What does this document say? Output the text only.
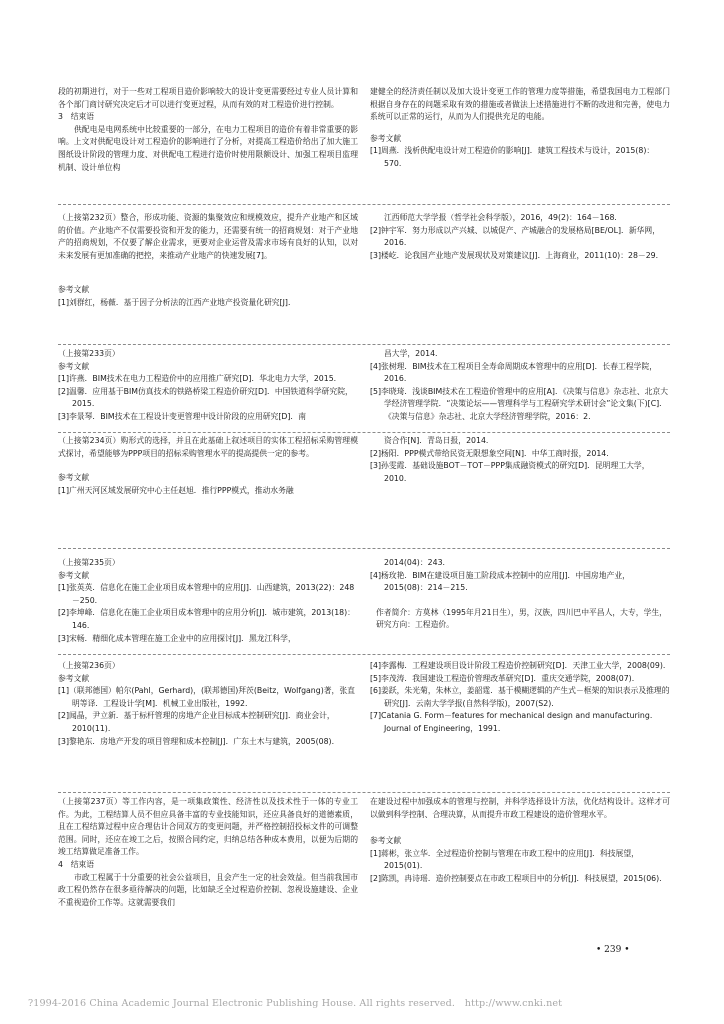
段的初期进行，对于一些对工程项目造价影响较大的设计变更需要经过专业人员计算和各个部门商讨研究决定后才可以进行变更过程，从而有效的对工程造价进行控制。

3　结束语

供配电是电网系统中比较重要的一部分，在电力工程项目的造价有着非常重要的影响。上文对供配电设计对工程造价的影响进行了分析，对提高工程造价给出了加大施工图纸设计阶段的管理力度、对供配电工程进行造价时使用限额设计、加强工程项目监理机制、设计单位构

建健全的经济责任制以及加大设计变更工作的管理力度等措施，希望我国电力工程部门根据自身存在的问题采取有效的措施或者做法上述措施进行不断的改进和完善，使电力系统可以正常的运行，从而为人们提供充足的电能。

参考文献

[1]周燕．浅析供配电设计对工程造价的影响[J]．建筑工程技术与设计，2015(8)：570.

（上接第232页）整合，形成功能、资源的集聚效应和规模效应，提升产业地产和区域的价值。产业地产不仅需要投资和开发的能力，还需要有统一的招商规划：对于产业地产的招商规划，不仅要了解企业需求，更要对企业运营及需求市场有良好的认知，以对未来发展有更加准确的把控，来推动产业地产的快速发展[7]。

参考文献

[1]刘群红，杨薇．基于因子分析法的江西产业地产投资量化研究[J]．

江西师范大学学报（哲学社会科学版），2016，49(2)：164－168.

[2]钟宇军．努力形成以产兴城、以城促产、产城融合的发展格局[BE/OL]．新华网，2016.

[3]楼屹．论我国产业地产发展现状及对策建议[J]．上海商业，2011(10)：28－29.

（上接第233页）

参考文献

[1]许燕．BIM技术在电力工程造价中的应用推广研究[D]．华北电力大学，2015.

[2]温馨．应用基于BIM仿真技术的铁路桥梁工程造价研究[D]．中国铁道科学研究院，2015.

[3]李景琴．BIM技术在工程设计变更管理中设计阶段的应用研究[D]．南

昌大学，2014.

[4]张树理．BIM技术在工程项目全寿命周期成本管理中的应用[D]．长春工程学院，2016.

[5]李晓琦．浅谈BIM技术在工程造价管理中的应用[A]．《决策与信息》杂志社、北京大学经济管理学院．“决策论坛——管理科学与工程研究学术研讨会”论文集(下)[C]．《决策与信息》杂志社、北京大学经济管理学院，2016：2.

（上接第234页）购形式的选择，并且在此基础上叙述项目的实体工程招标采购管理模式探讨，希望能够为PPP项目的招标采购管理水平的提高提供一定的参考。

参考文献

[1]广州天河区域发展研究中心主任赵旭．推行PPP模式，推动水务融

资合作[N]．青岛日报，2014.

[2]杨阳．PPP模式带给民资无限想象空间[N]．中华工商时报，2014.

[3]孙雯霞．基础设施BOT－TOT－PPP集成融资模式的研究[D]．昆明理工大学，2010.

（上接第235页）

参考文献

[1]张英英．信息化在施工企业项目成本管理中的应用[J]．山西建筑，2013(22)：248－250.

[2]李坤峰．信息化在施工企业项目成本管理中的应用分析[J]．城市建筑，2013(18)：146.

[3]宋畅．精细化成本管理在施工企业中的应用探讨[J]．黑龙江科学，

2014(04)：243.

[4]杨玫艳．BIM在建设项目施工阶段成本控制中的应用[J]．中国房地产业，2015(08)：214－215.

作者简介：方莫林（1995年月21日生），男，汉族，四川巴中平昌人，大专，学生，研究方向：工程造价。

（上接第236页）

参考文献

[1]（联邦德国）帕尔(Pahl，Gerhard)，(联邦德国)拜茨(Beitz，Wolfgang)著，张直明等译．工程设计学[M]．机械工业出版社，1992.

[2]闻晶，尹立新．基于标杆管理的房地产企业目标成本控制研究[J]．商业会计，2010(11).

[3]黎艳东．房地产开发的项目管理和成本控制[J]．广东土木与建筑，2005(08).

[4]李露梅．工程建设项目设计阶段工程造价控制研究[D]．天津工业大学，2008(09).

[5]李茂涛．我国建设工程造价管理改革研究[D]．重庆交通学院，2008(07).

[6]姜跃，朱光菊，朱林立，姜韶霆．基于模糊逻辑的产生式－框架的知识表示及推理的研究[J]．云南大学学报(自然科学版)，2007(S2).

[7]Catania G. Form－features for mechanical design and manufacturing. Journal of Engineering，1991.

（上接第237页）等工作内容，是一项集政策性、经济性以及技术性于一体的专业工作。为此，工程结算人员不但应具备丰富的专业技能知识，还应具备良好的道德素质，且在工程结算过程中应合理估计合同双方的变更问题，并严格控制招投标文件的可调整范围。同时，还应在竣工之后，按照合同约定，归纳总结各种成本费用，以便为后期的竣工结算做足准备工作。

4　结束语

市政工程属于十分重要的社会公益项目，且会产生一定的社会效益。但当前我国市政工程仍然存在很多亟待解决的问题，比如缺乏全过程造价控制、忽视设施建设、企业不重视造价工作等。这就需要我们

在建设过程中加强成本的管理与控制，并科学选择设计方法，优化结构设计。这样才可以做到科学控制、合理决算，从而提升市政工程建设的造价管理水平。

参考文献

[1]蒋彬，张立华．全过程造价控制与管理在市政工程中的应用[J]．科技展望，2015(01).

[2]陈凯，冉诗瑶．造价控制要点在市政工程项目中的分析[J]．科技展望，2015(06).

• 239 •
?1994-2016 China Academic Journal Electronic Publishing House. All rights reserved.　http://www.cnki.net
